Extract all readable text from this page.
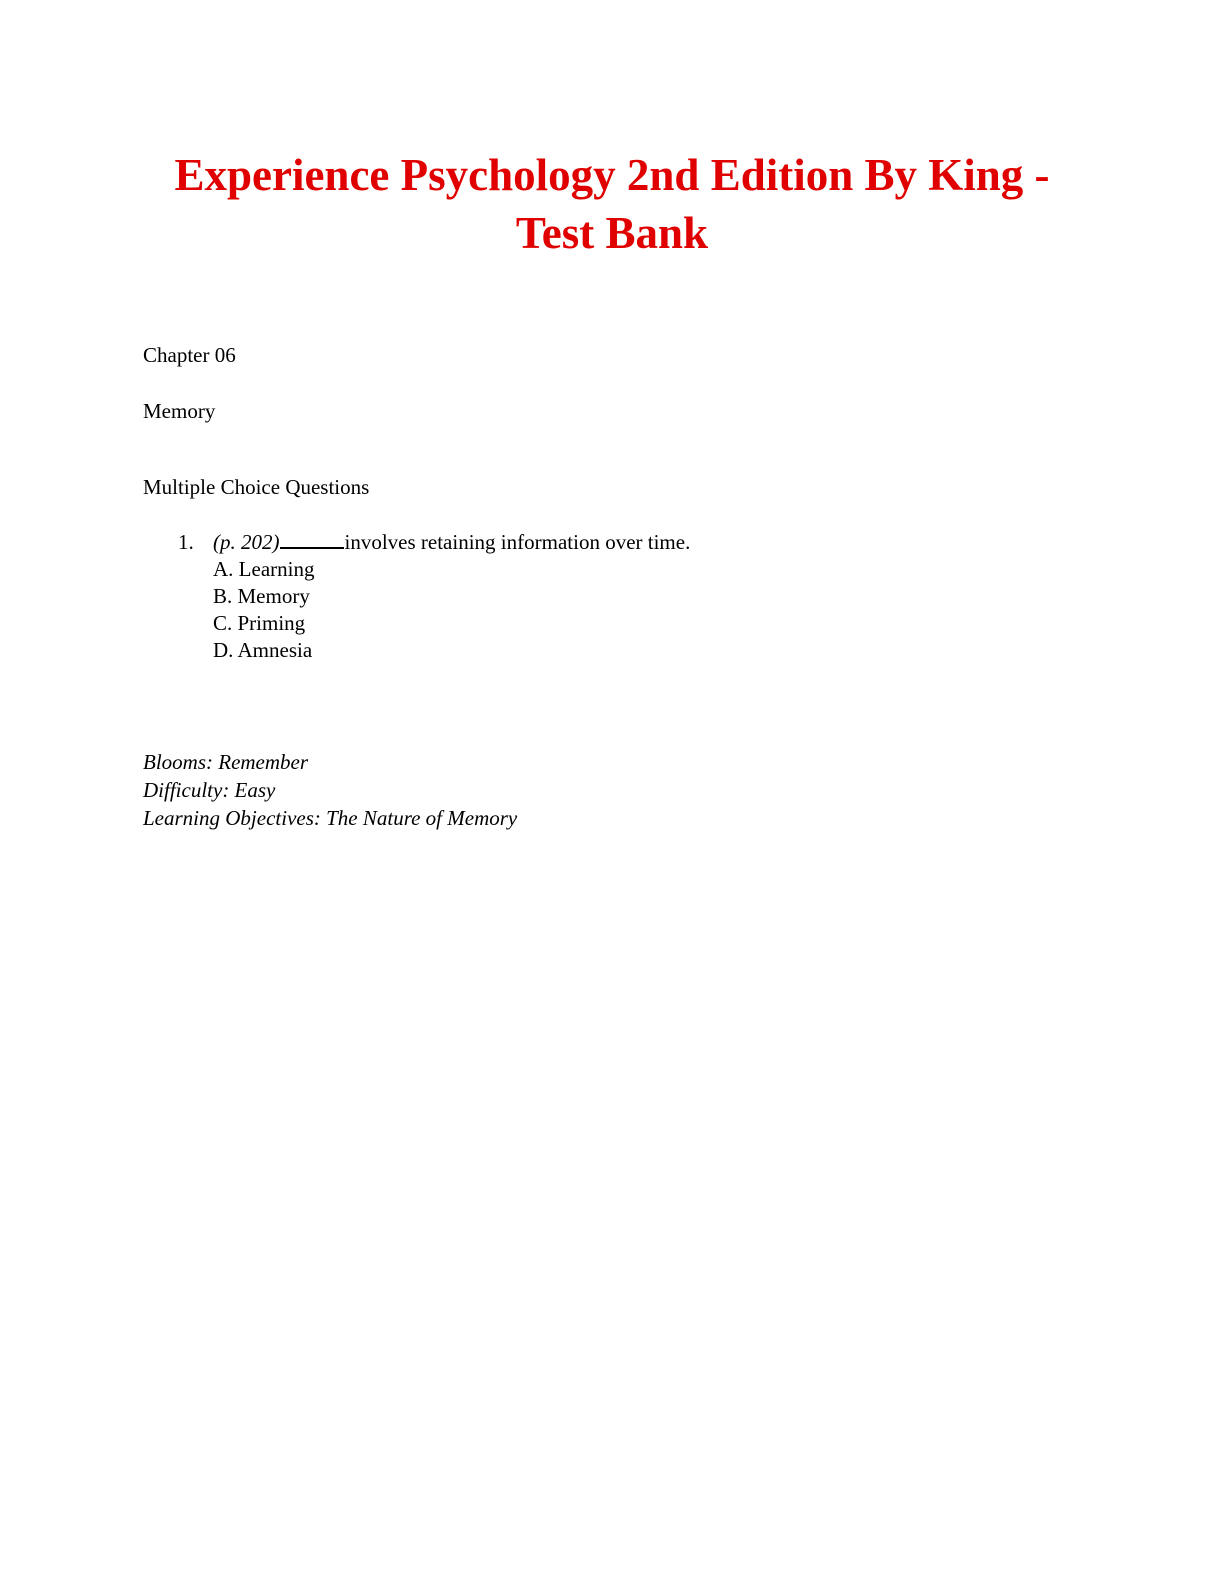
Experience Psychology 2nd Edition By King -
Test Bank

Chapter 06

Memory

Multiple Choice Questions

1. (p. 202)	involves retaining information over time.
A. Learning
B. Memory
C. Priming
D. Amnesia
Blooms: Remember
Difficulty: Easy
Learning Objectives: The Nature of Memory
